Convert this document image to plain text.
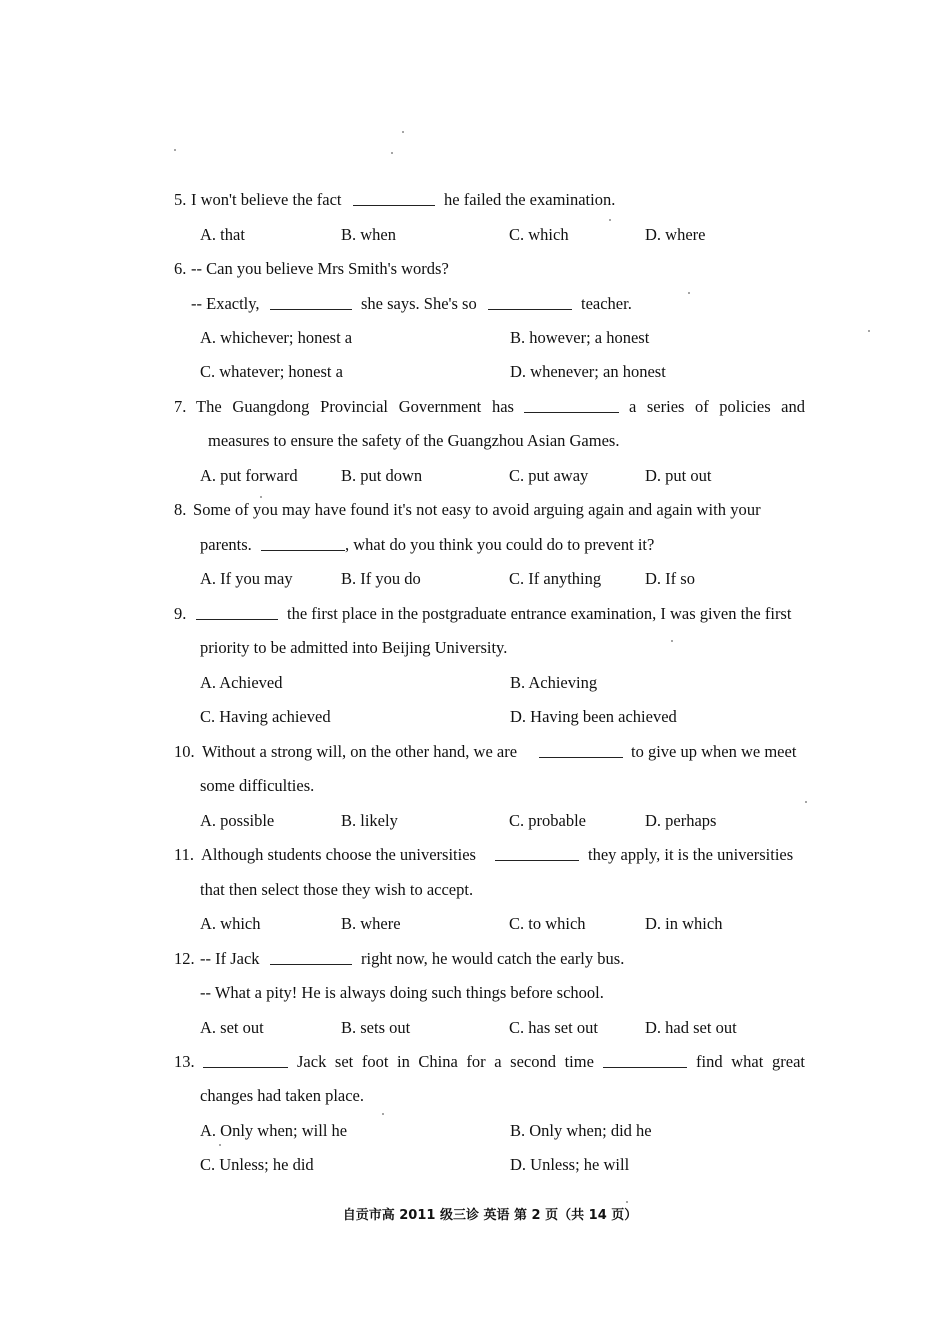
5. I won't believe the fact	he failed the examination.
A. that	B. when	C. which	D. where
6. -- Can you believe Mrs Smith's words?
-- Exactly,	she says. She's so	teacher.
A. whichever; honest a	B. however; a honest
C. whatever; honest a	D. whenever; an honest
7. The Guangdong Provincial Government has	a series of policies and
measures to ensure the safety of the Guangzhou Asian Games.
A. put forward	B. put down	C. put away	D. put out
8. Some of you may have found it's not easy to avoid arguing again and again with your
parents.	, what do you think you could do to prevent it?
A. If you may	B. If you do	C. If anything	D. If so
9.	the first place in the postgraduate entrance examination, I was given the first
priority to be admitted into Beijing University.
A. Achieved	B. Achieving
C. Having achieved	D. Having been achieved
10. Without a strong will, on the other hand, we are	to give up when we meet
some difficulties.
A. possible	B. likely	C. probable	D. perhaps
11. Although students choose the universities	they apply, it is the universities
that then select those they wish to accept.
A. which	B. where	C. to which	D. in which
12. -- If Jack	right now, he would catch the early bus.
-- What a pity! He is always doing such things before school.
A. set out	B. sets out	C. has set out	D. had set out
13.	Jack set foot in China for a second time	find what great
changes had taken place.
A. Only when; will he	B. Only when; did he
C. Unless; he did	D. Unless; he will
自贡市高 2011 级三诊 英语 第 2 页（共 14 页）
